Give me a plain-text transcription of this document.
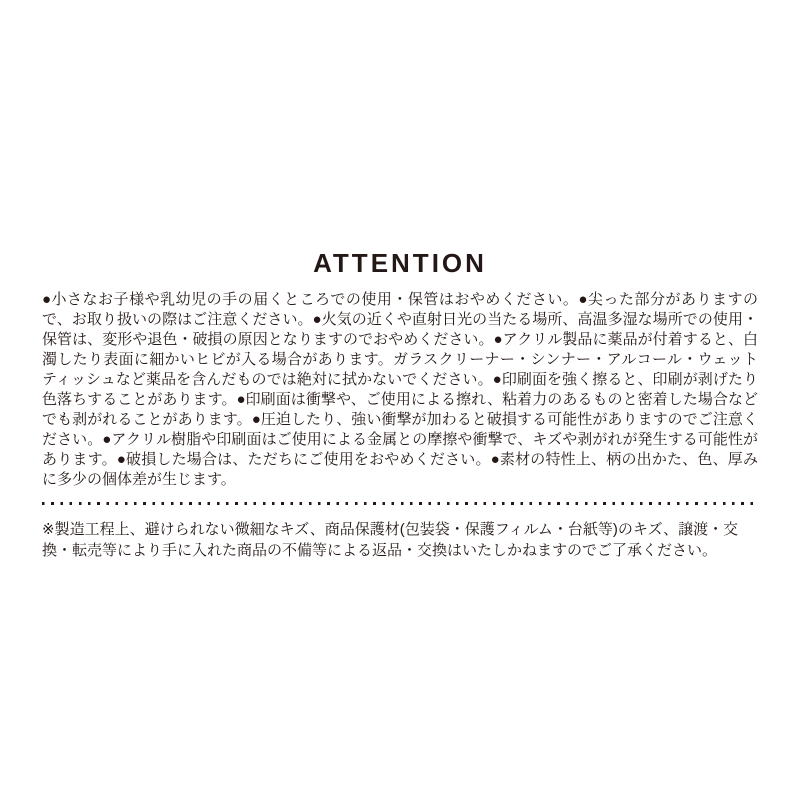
ATTENTION

●小さなお子様や乳幼児の手の届くところでの使用・保管はおやめください。●尖った部分がありますので、お取り扱いの際はご注意ください。●火気の近くや直射日光の当たる場所、高温多湿な場所での使用・保管は、変形や退色・破損の原因となりますのでおやめください。●アクリル製品に薬品が付着すると、白濁したり表面に細かいヒビが入る場合があります。ガラスクリーナー・シンナー・アルコール・ウェットティッシュなど薬品を含んだものでは絶対に拭かないでください。●印刷面を強く擦ると、印刷が剥げたり色落ちすることがあります。●印刷面は衝撃や、ご使用による擦れ、粘着力のあるものと密着した場合などでも剥がれることがあります。●圧迫したり、強い衝撃が加わると破損する可能性がありますのでご注意ください。●アクリル樹脂や印刷面はご使用による金属との摩擦や衝撃で、キズや剥がれが発生する可能性があります。●破損した場合は、ただちにご使用をおやめください。●素材の特性上、柄の出かた、色、厚みに多少の個体差が生じます。

※製造工程上、避けられない微細なキズ、商品保護材(包装袋・保護フィルム・台紙等)のキズ、譲渡・交換・転売等により手に入れた商品の不備等による返品・交換はいたしかねますのでご了承ください。
